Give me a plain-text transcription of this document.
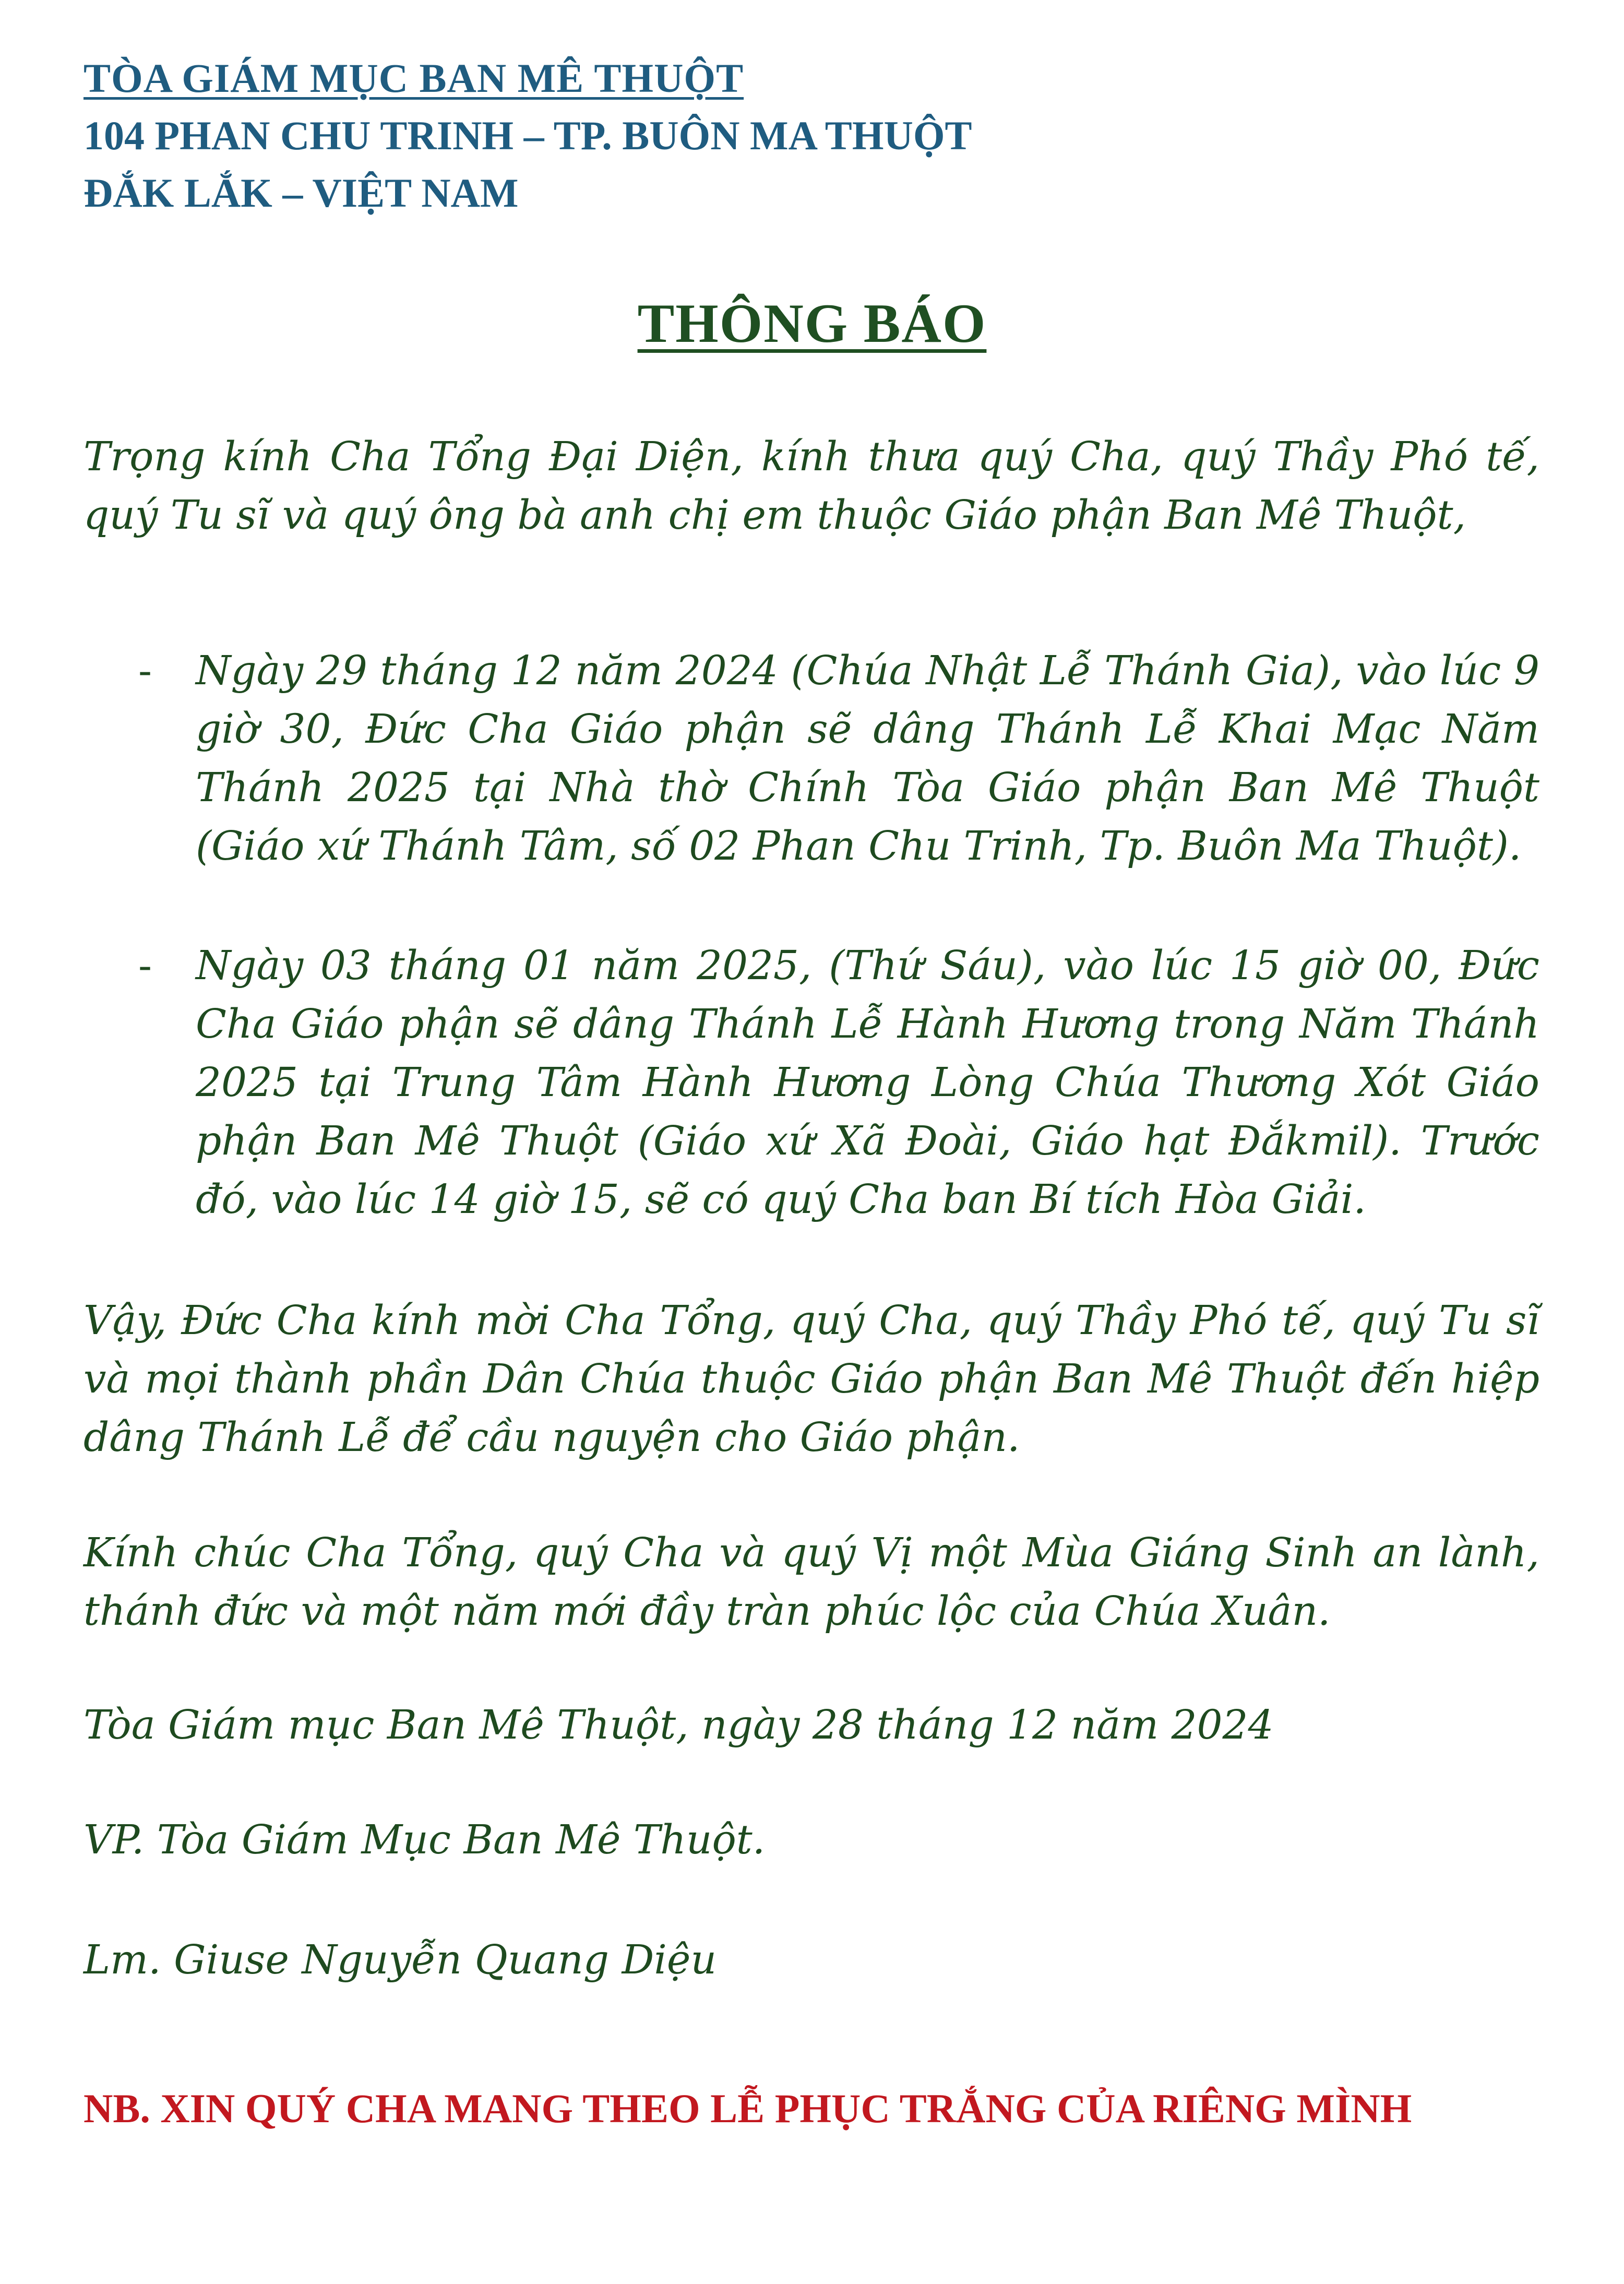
TÒA GIÁM MỤC BAN MÊ THUỘT
104 PHAN CHU TRINH – TP. BUÔN MA THUỘT
ĐẮK LẮK – VIỆT NAM
THÔNG BÁO

Trọng kính Cha Tổng Đại Diện, kính thưa quý Cha, quý Thầy Phó tế, quý Tu sĩ và quý ông bà anh chị em thuộc Giáo phận Ban Mê Thuột,

- Ngày 29 tháng 12 năm 2024 (Chúa Nhật Lễ Thánh Gia), vào lúc 9 giờ 30, Đức Cha Giáo phận sẽ dâng Thánh Lễ Khai Mạc Năm Thánh 2025 tại Nhà thờ Chính Tòa Giáo phận Ban Mê Thuột (Giáo xứ Thánh Tâm, số 02 Phan Chu Trinh, Tp. Buôn Ma Thuột).
- Ngày 03 tháng 01 năm 2025, (Thứ Sáu), vào lúc 15 giờ 00, Đức Cha Giáo phận sẽ dâng Thánh Lễ Hành Hương trong Năm Thánh 2025 tại Trung Tâm Hành Hương Lòng Chúa Thương Xót Giáo phận Ban Mê Thuột (Giáo xứ Xã Đoài, Giáo hạt Đắkmil). Trước đó, vào lúc 14 giờ 15, sẽ có quý Cha ban Bí tích Hòa Giải.

Vậy, Đức Cha kính mời Cha Tổng, quý Cha, quý Thầy Phó tế, quý Tu sĩ và mọi thành phần Dân Chúa thuộc Giáo phận Ban Mê Thuột đến hiệp dâng Thánh Lễ để cầu nguyện cho Giáo phận.

Kính chúc Cha Tổng, quý Cha và quý Vị một Mùa Giáng Sinh an lành, thánh đức và một năm mới đầy tràn phúc lộc của Chúa Xuân.

Tòa Giám mục Ban Mê Thuột, ngày 28 tháng 12 năm 2024

VP. Tòa Giám Mục Ban Mê Thuột.

Lm. Giuse Nguyễn Quang Diệu

NB. XIN QUÝ CHA MANG THEO LỄ PHỤC TRẮNG CỦA RIÊNG MÌNH
